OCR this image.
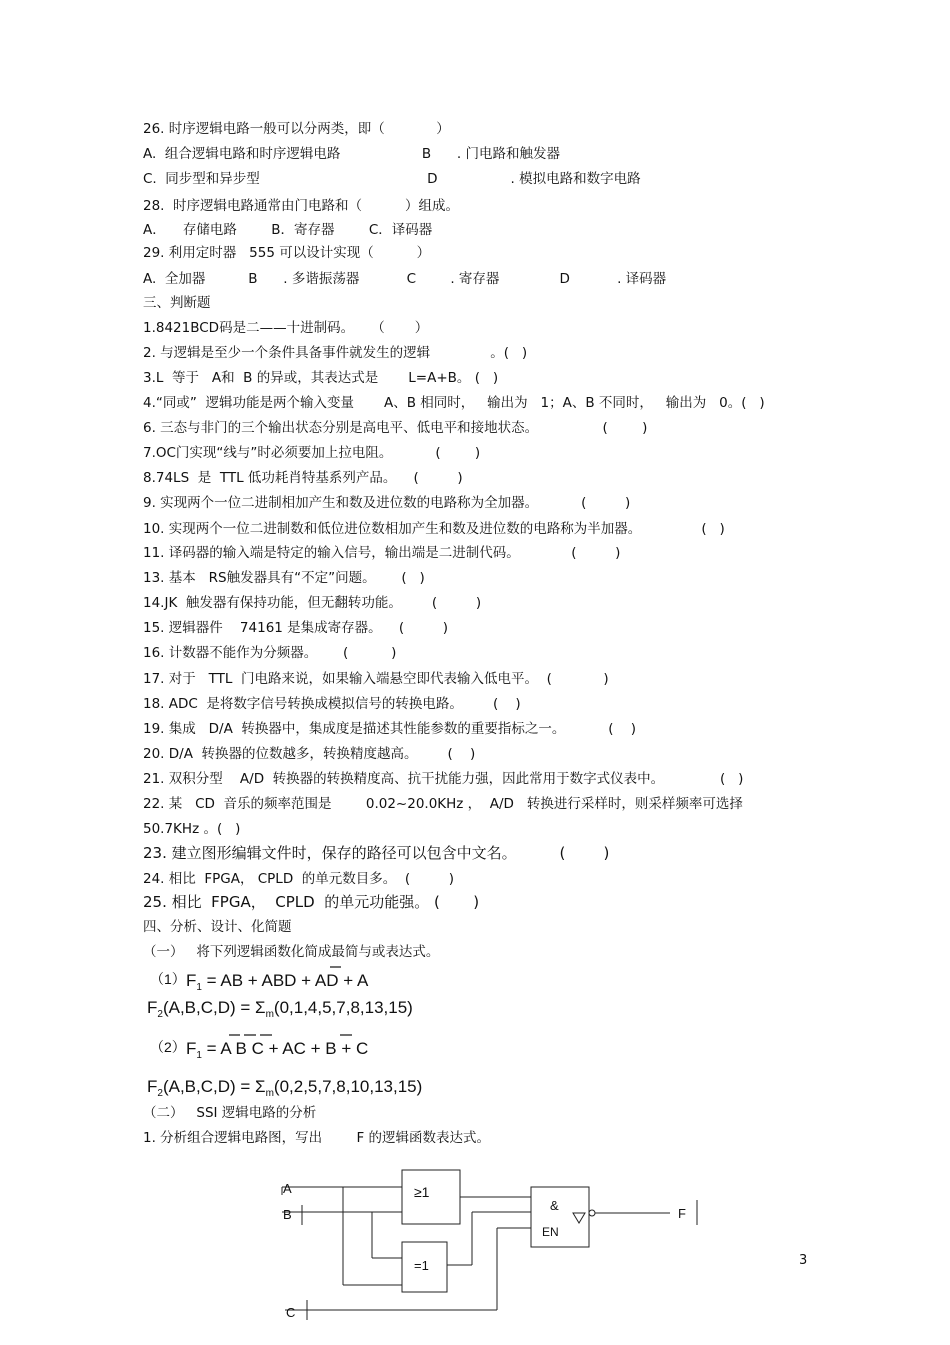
26. 时序逻辑电路一般可以分两类，即（            ）
A.  组合逻辑电路和时序逻辑电路                   B      . 门电路和触发器
C.  同步型和异步型                                       D                 . 模拟电路和数字电路
28.  时序逻辑电路通常由门电路和（          ）组成。
A．    存储电路        B．寄存器        C．译码器
29. 利用定时器   555 可以设计实现（          ）
A.  全加器          B      . 多谐振荡器           C        . 寄存器              D           . 译码器
三、判断题
1.8421BCD码是二——十进制码。    （       ）
2. 与逻辑是至少一个条件具备事件就发生的逻辑              。(   )
3.L  等于   A和  B 的异或，其表达式是       L=A+B。 (   )
4.“同或”  逻辑功能是两个输入变量       A、B 相同时，   输出为   1；A、B 不同时，   输出为   0。(   )
6. 三态与非门的三个输出状态分别是高电平、低电平和接地状态。               (        )
7.OC门实现“线与”时必须要加上拉电阻。          (        )
8.74LS  是  TTL 低功耗肖特基系列产品。    (         )
9. 实现两个一位二进制相加产生和数及进位数的电路称为全加器。          (         )
10. 实现两个一位二进制数和低位进位数相加产生和数及进位数的电路称为半加器。              (   )
11. 译码器的输入端是特定的输入信号，输出端是二进制代码。            (         )
13. 基本   RS触发器具有“不定”问题。      (   )
14.JK  触发器有保持功能，但无翻转功能。       (         )
15. 逻辑器件    74161 是集成寄存器。    (         )
16. 计数器不能作为分频器。      (          )
17. 对于   TTL  门电路来说，如果输入端悬空即代表输入低电平。  (            )
18. ADC  是将数字信号转换成模拟信号的转换电路。       (    )
19. 集成   D/A  转换器中，集成度是描述其性能参数的重要指标之一。          (    )
20. D/A  转换器的位数越多，转换精度越高。       (    )
21. 双积分型    A/D  转换器的转换精度高、抗干扰能力强，因此常用于数字式仪表中。             (   )
22. 某   CD  音乐的频率范围是        0.02~20.0KHz ，  A/D   转换进行采样时，则采样频率可选择
50.7KHz 。(   )
23. 建立图形编辑文件时，保存的路径可以包含中文名。         (        )
24. 相比  FPGA， CPLD  的单元数目多。  (         )
25. 相比  FPGA，  CPLD  的单元功能强。 (       )
四、分析、设计、化简题
（一）   将下列逻辑函数化简成最简与或表达式。
（二）   SSI 逻辑电路的分析
1. 分析组合逻辑电路图，写出        F 的逻辑函数表达式。
（1） $F_1$ = AB + ABD + AD + A
$F_2(A,B,C,D) = \Sigma_m(0,1,4,5,7,8,13,15)$
（2） $F_1 = A$ B C + AC + B + C
$F_2(A,B,C,D) = \Sigma_m(0,2,5,7,8,10,13,15)$
A
B
C
≥1
=1
&
EN
F
3
